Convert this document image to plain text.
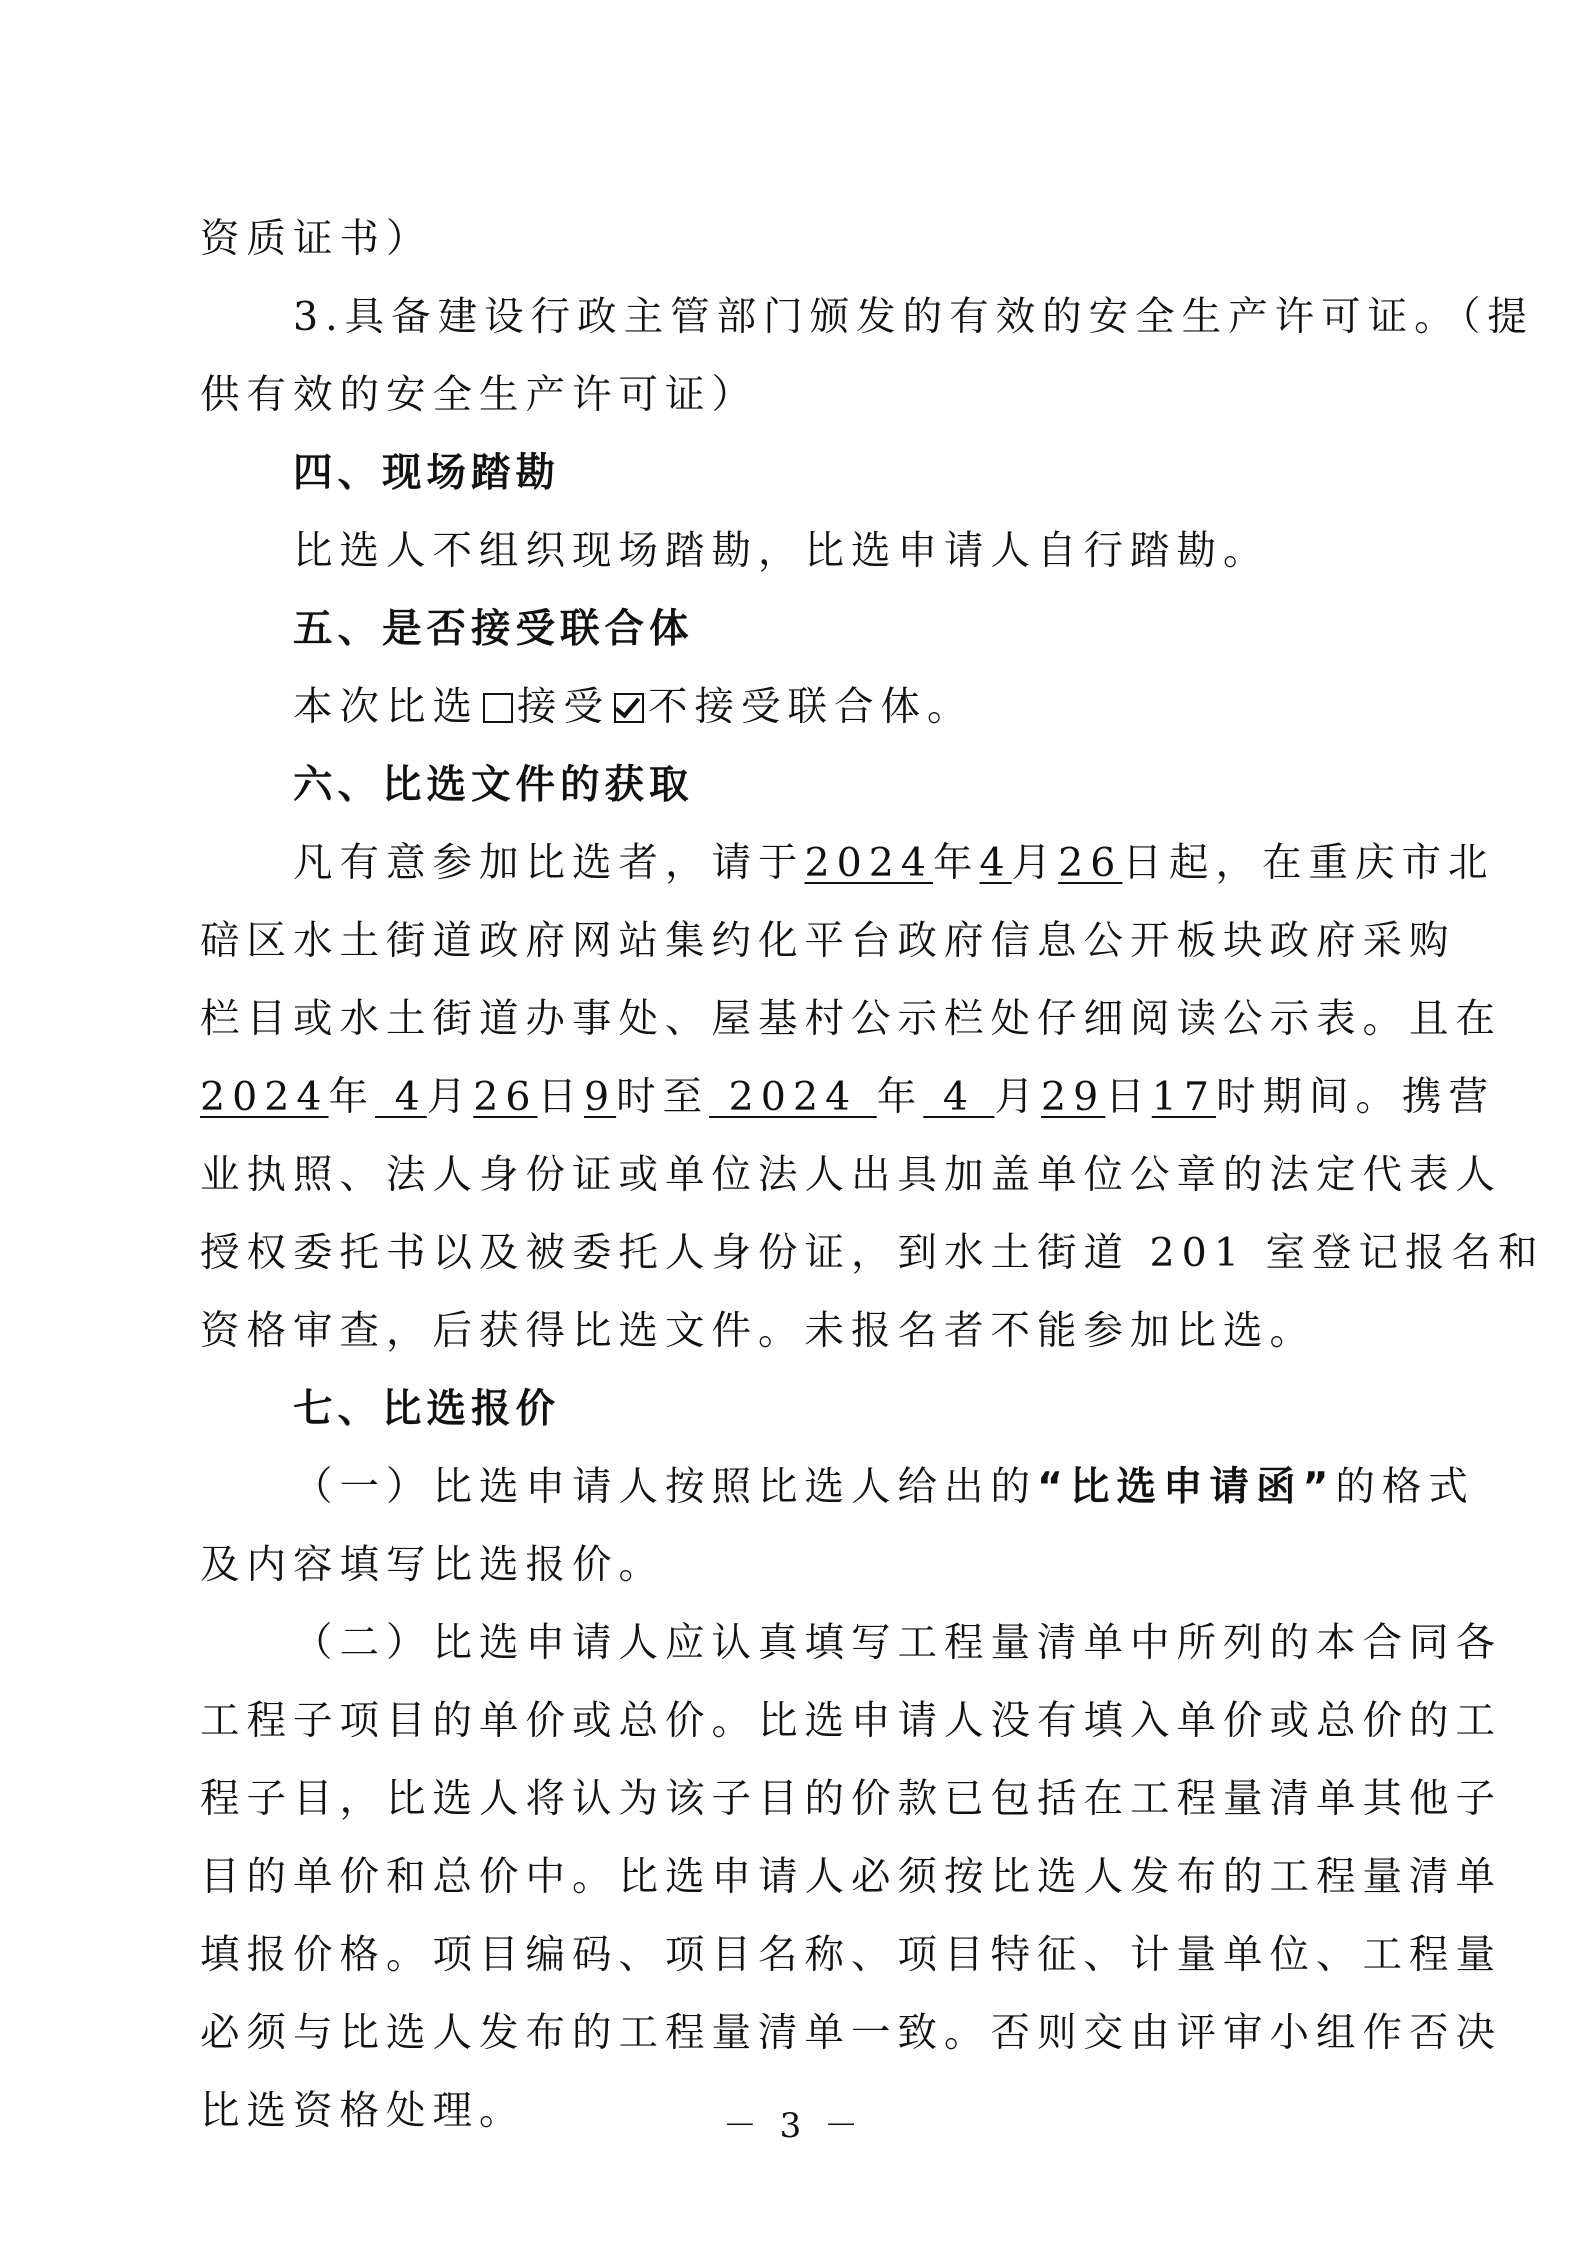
资质证书）
3.具备建设行政主管部门颁发的有效的安全生产许可证。（提
供有效的安全生产许可证）
四、现场踏勘
比选人不组织现场踏勘，比选申请人自行踏勘。
五、是否接受联合体
本次比选 接受 不接受联合体。
六、比选文件的获取
凡有意参加比选者，请于2024年4月26日起，在重庆市北
碚区水土街道政府网站集约化平台政府信息公开板块政府采购
栏目或水土街道办事处、屋基村公示栏处仔细阅读公示表。且在
2024年 4月26日9时至 2024 年 4 月29日17时期间。携营
业执照、法人身份证或单位法人出具加盖单位公章的法定代表人
授权委托书以及被委托人身份证，到水土街道 201 室登记报名和
资格审查，后获得比选文件。未报名者不能参加比选。
七、比选报价
（一）比选申请人按照比选人给出的“比选申请函”的格式
及内容填写比选报价。
（二）比选申请人应认真填写工程量清单中所列的本合同各
工程子项目的单价或总价。比选申请人没有填入单价或总价的工
程子目，比选人将认为该子目的价款已包括在工程量清单其他子
目的单价和总价中。比选申请人必须按比选人发布的工程量清单
填报价格。项目编码、项目名称、项目特征、计量单位、工程量
必须与比选人发布的工程量清单一致。否则交由评审小组作否决
比选资格处理。	－ 3 －
